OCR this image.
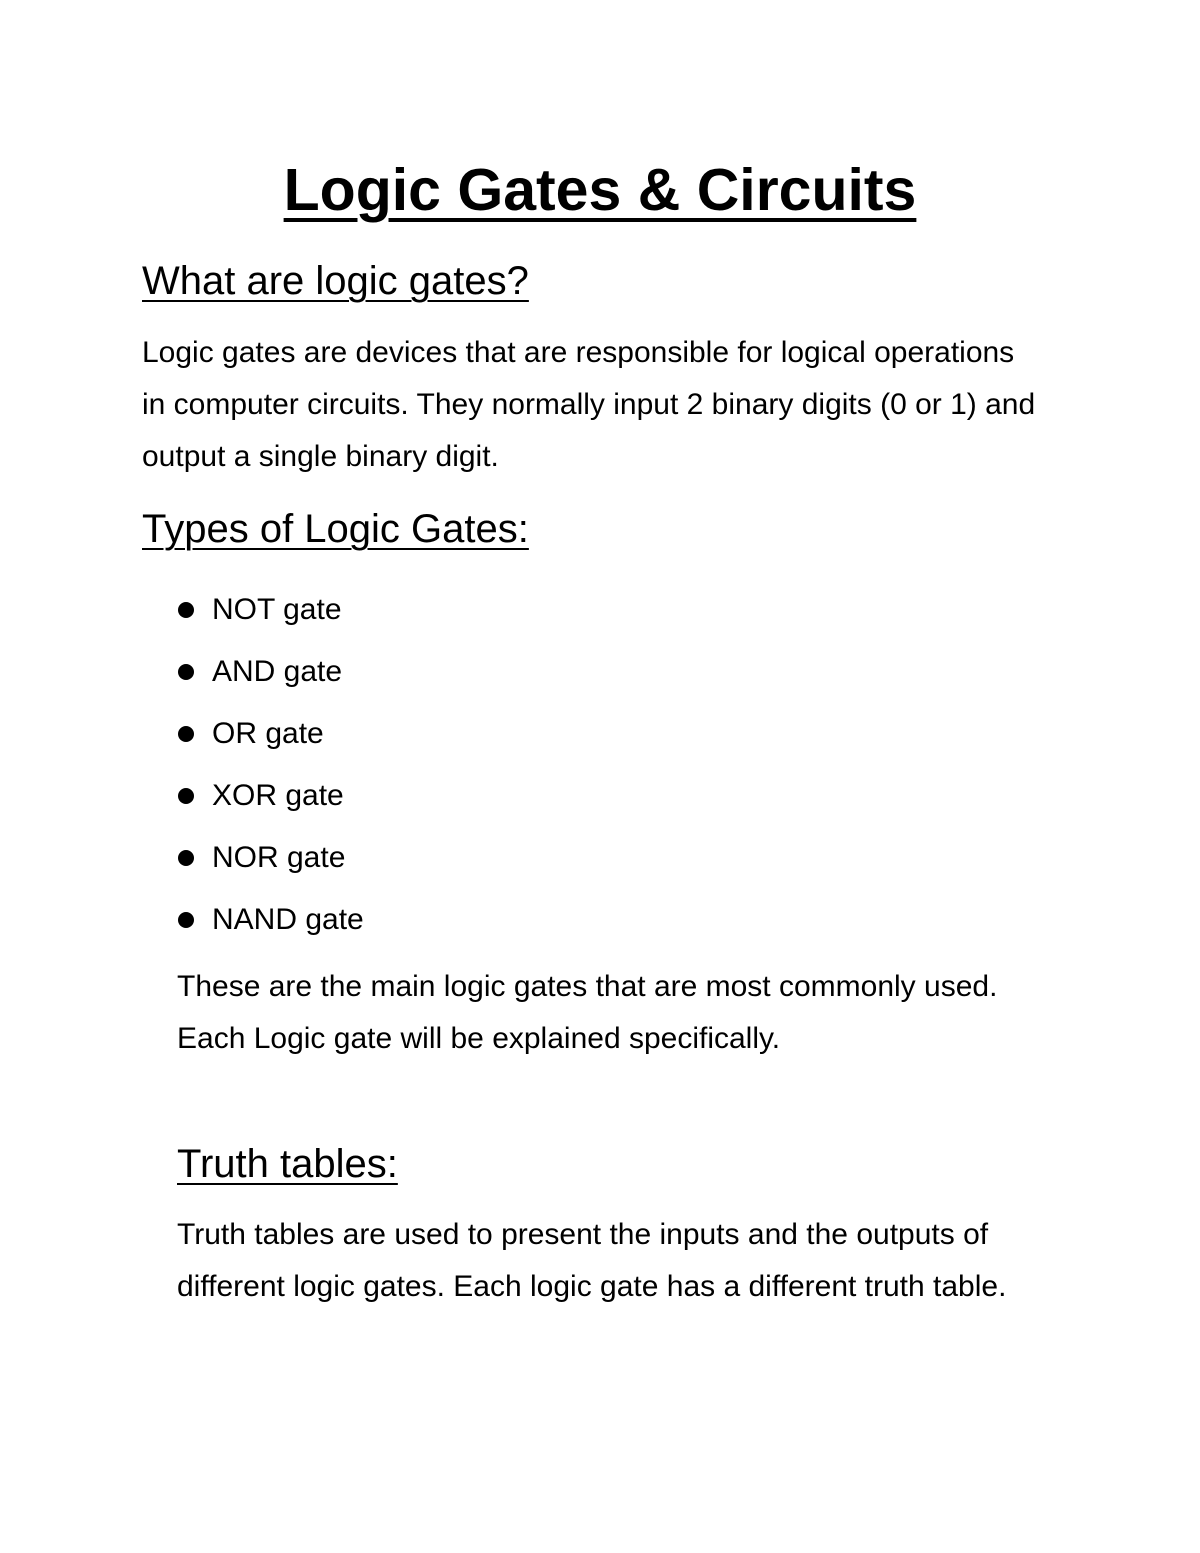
Logic Gates & Circuits
What are logic gates?

Logic gates are devices that are responsible for logical operations in computer circuits. They normally input 2 binary digits (0 or 1) and output a single binary digit.

Types of Logic Gates:
NOT gate
AND gate
OR gate
XOR gate
NOR gate
NAND gate

These are the main logic gates that are most commonly used. Each Logic gate will be explained specifically.

Truth tables:

Truth tables are used to present the inputs and the outputs of different logic gates. Each logic gate has a different truth table.
